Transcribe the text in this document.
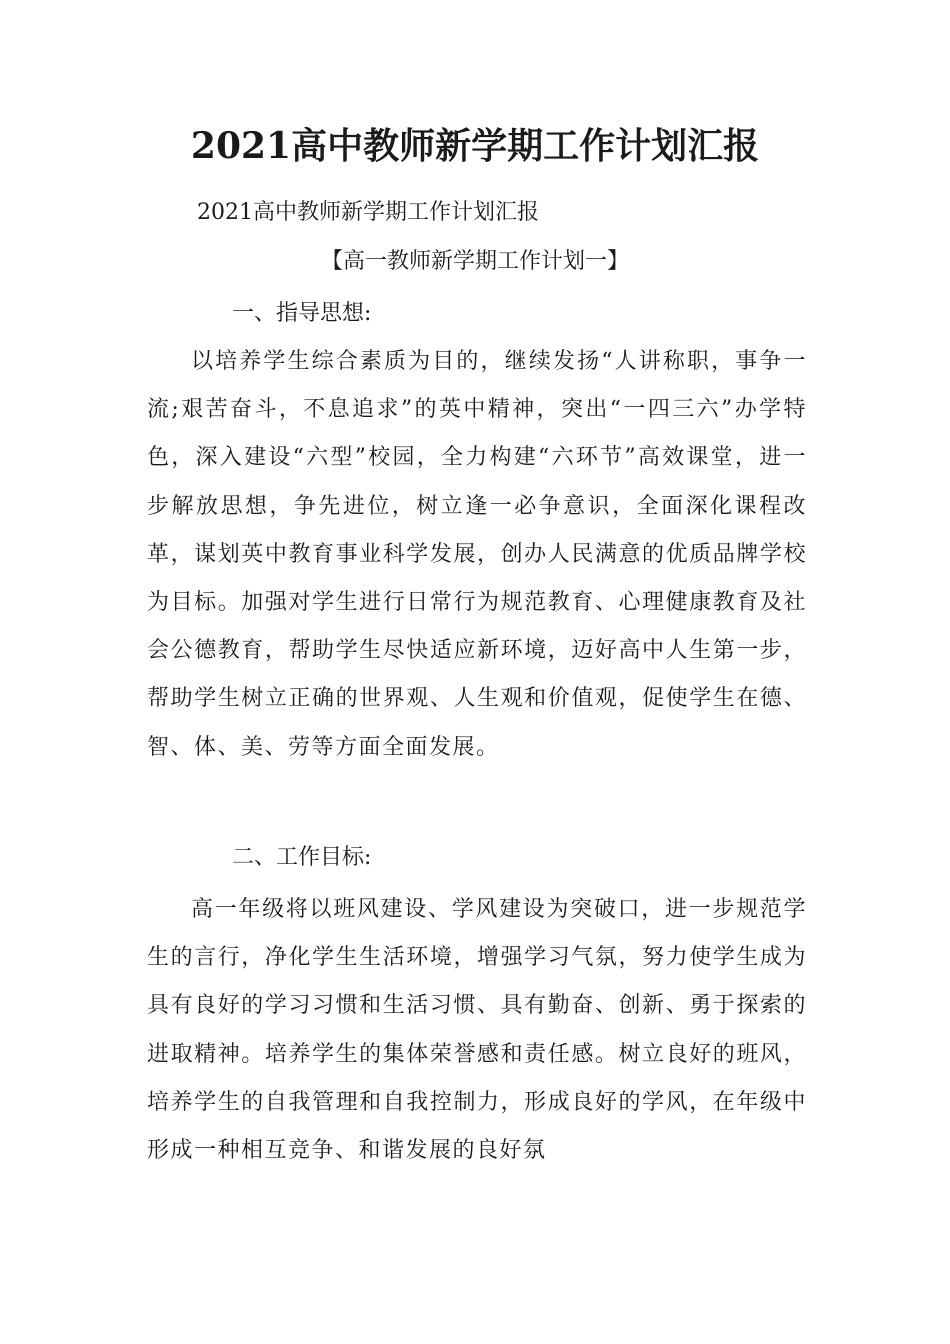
2021高中教师新学期工作计划汇报

2021高中教师新学期工作计划汇报

【高一教师新学期工作计划一】

一、指导思想:

以培养学生综合素质为目的，继续发扬“人讲称职，事争一流;艰苦奋斗，不息追求”的英中精神，突出“一四三六”办学特色，深入建设“六型”校园，全力构建“六环节”高效课堂，进一步解放思想，争先进位，树立逢一必争意识，全面深化课程改革，谋划英中教育事业科学发展，创办人民满意的优质品牌学校为目标。加强对学生进行日常行为规范教育、心理健康教育及社会公德教育，帮助学生尽快适应新环境，迈好高中人生第一步，帮助学生树立正确的世界观、人生观和价值观，促使学生在德、智、体、美、劳等方面全面发展。

二、工作目标:

高一年级将以班风建设、学风建设为突破口，进一步规范学生的言行，净化学生生活环境，增强学习气氛，努力使学生成为具有良好的学习习惯和生活习惯、具有勤奋、创新、勇于探索的进取精神。培养学生的集体荣誉感和责任感。树立良好的班风，培养学生的自我管理和自我控制力，形成良好的学风，在年级中形成一种相互竞争、和谐发展的良好氛
